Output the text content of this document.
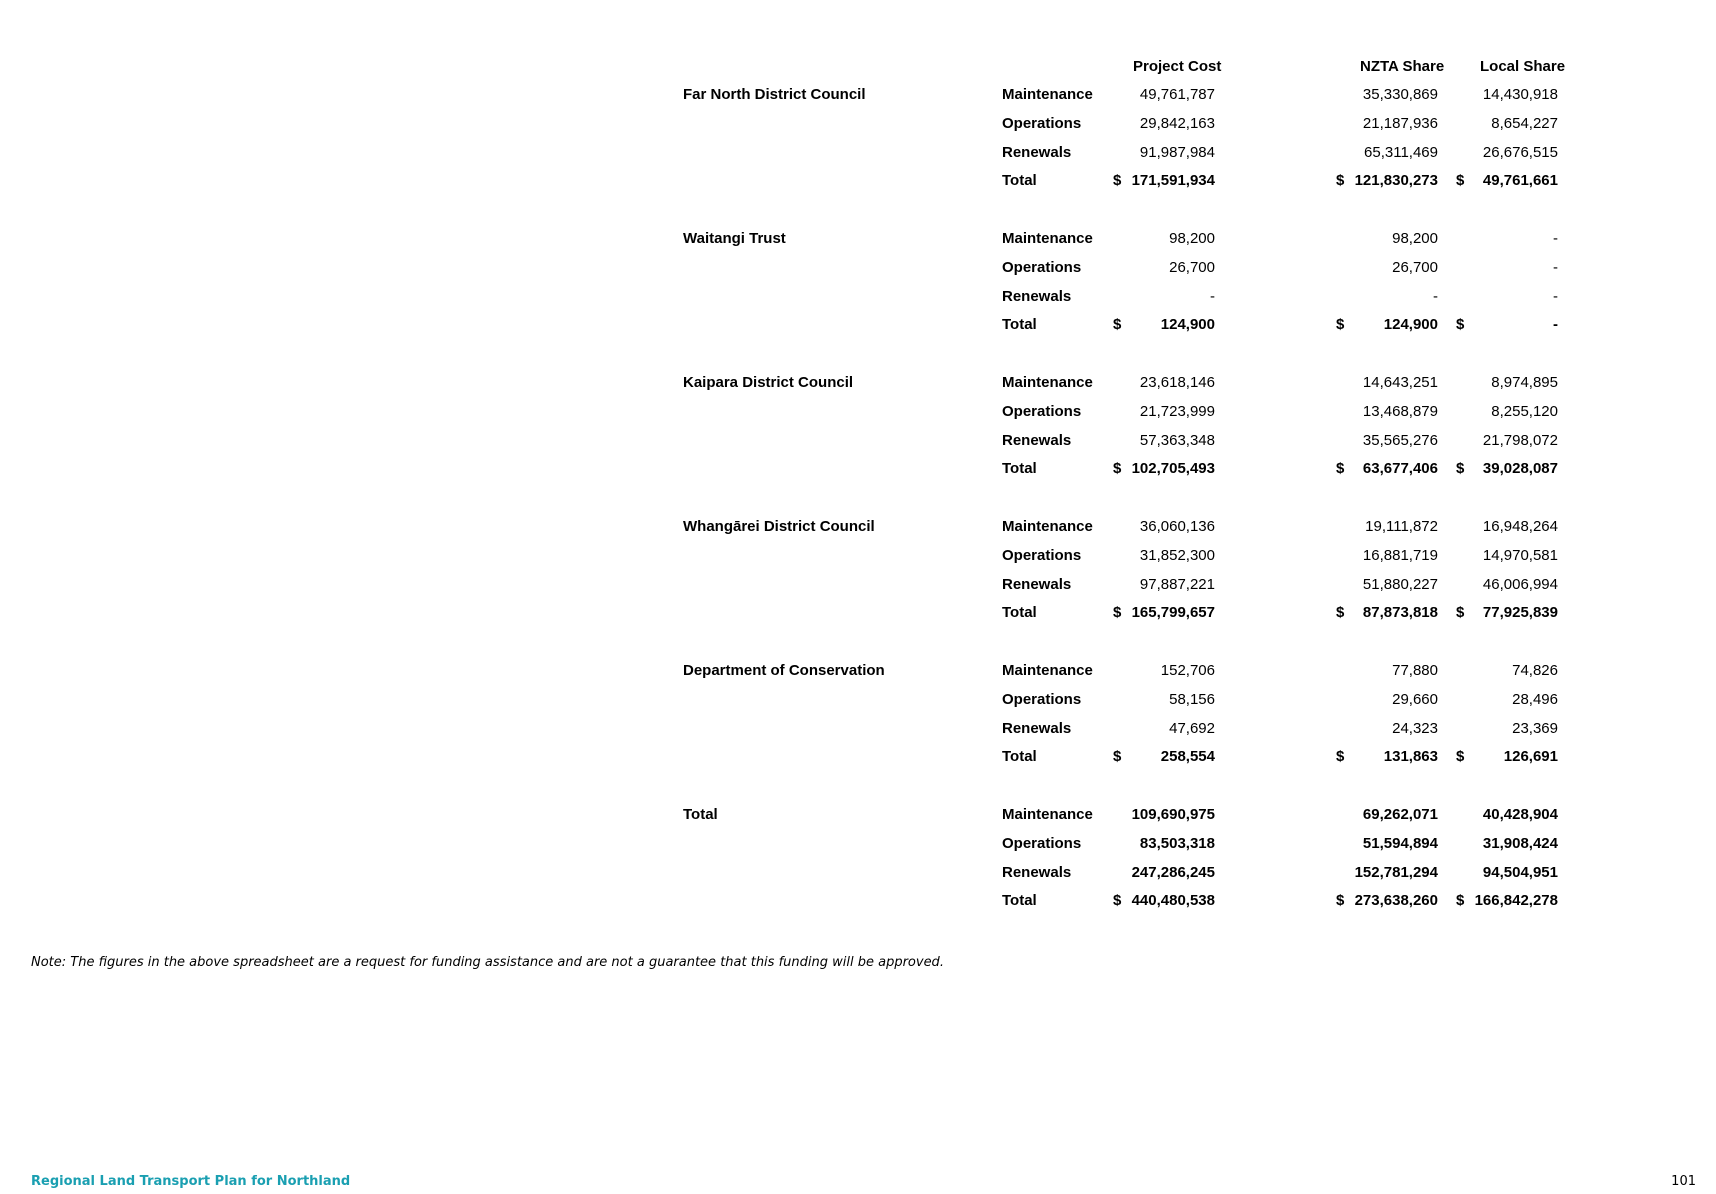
Project Cost	NZTA Share Local Share
Far North District Council	Maintenance	49,761,787	35,330,869	14,430,918
Operations	29,842,163	21,187,936	8,654,227
Renewals	91,987,984	65,311,469	26,676,515
Total	$ 171,591,934	$ 121,830,273 $ 49,761,661
Waitangi Trust	Maintenance	98,200	98,200	-
Operations	26,700	26,700	-
Renewals	-	-	-
Total	$	124,900	$	124,900 $	-
Kaipara District Council	Maintenance	23,618,146	14,643,251	8,974,895
Operations	21,723,999	13,468,879	8,255,120
Renewals	57,363,348	35,565,276	21,798,072
Total	$ 102,705,493	$ 63,677,406 $ 39,028,087
Whangārei District Council	Maintenance	36,060,136	19,111,872	16,948,264
Operations	31,852,300	16,881,719	14,970,581
Renewals	97,887,221	51,880,227	46,006,994
Total	$ 165,799,657	$ 87,873,818 $ 77,925,839
Department of Conservation	Maintenance	152,706	77,880	74,826
Operations	58,156	29,660	28,496
Renewals	47,692	24,323	23,369
Total	$	258,554	$	131,863 $	126,691
Total	Maintenance	109,690,975	69,262,071	40,428,904
Operations	83,503,318	51,594,894	31,908,424
Renewals	247,286,245	152,781,294	94,504,951
Total	$ 440,480,538	$ 273,638,260 $ 166,842,278
Note: The figures in the above spreadsheet are a request for funding assistance and are not a guarantee that this funding will be approved.
Regional Land Transport Plan for Northland	101
